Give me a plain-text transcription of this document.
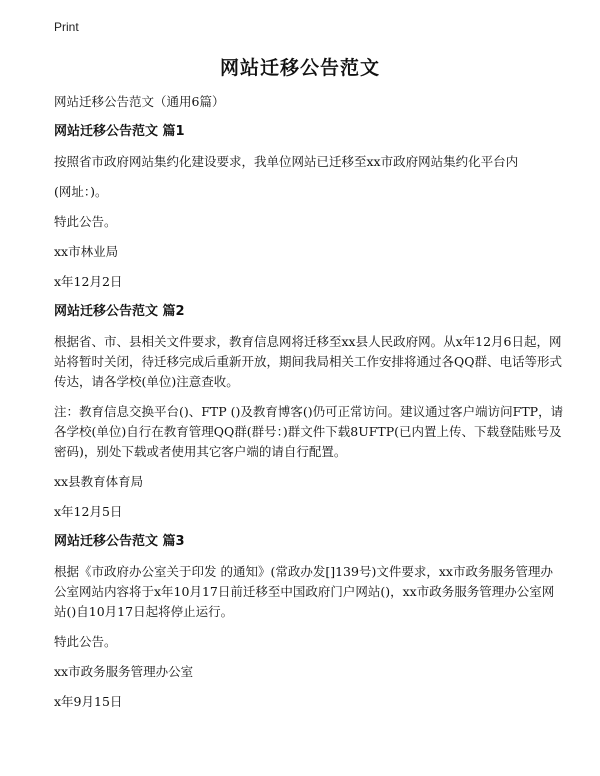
Print
网站迁移公告范文

网站迁移公告范文（通用6篇）

网站迁移公告范文 篇1

按照省市政府网站集约化建设要求，我单位网站已迁移至xx市政府网站集约化平台内

(网址：)。

特此公告。

xx市林业局

x年12月2日

网站迁移公告范文 篇2

根据省、市、县相关文件要求，教育信息网将迁移至xx县人民政府网。从x年12月6日起，网站将暂时关闭，待迁移完成后重新开放，期间我局相关工作安排将通过各QQ群、电话等形式传达，请各学校(单位)注意查收。

注：教育信息交换平台()、FTP ()及教育博客()仍可正常访问。建议通过客户端访问FTP，请各学校(单位)自行在教育管理QQ群(群号：)群文件下载8UFTP(已内置上传、下载登陆账号及密码)，别处下载或者使用其它客户端的请自行配置。

xx县教育体育局

x年12月5日

网站迁移公告范文 篇3

根据《市政府办公室关于印发 的通知》(常政办发[]139号)文件要求，xx市政务服务管理办公室网站内容将于x年10月17日前迁移至中国政府门户网站()，xx市政务服务管理办公室网站()自10月17日起将停止运行。

特此公告。

xx市政务服务管理办公室

x年9月15日
